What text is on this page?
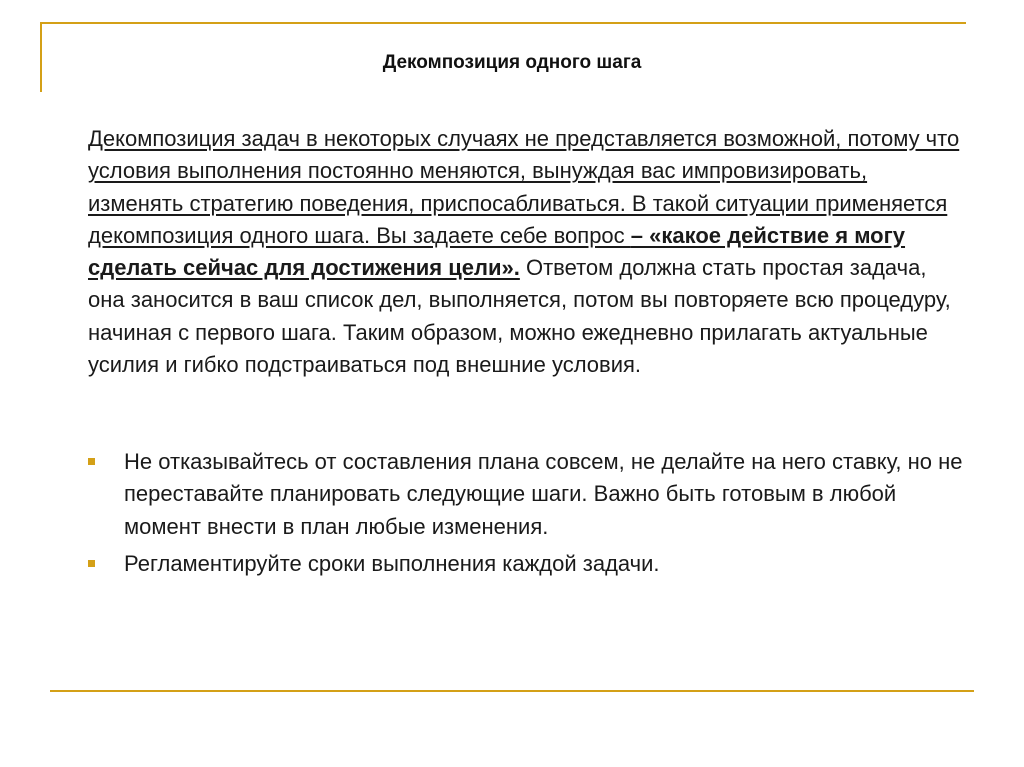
Декомпозиция одного шага

Декомпозиция задач в некоторых случаях не представляется возможной, потому что условия выполнения постоянно меняются, вынуждая вас импровизировать, изменять стратегию поведения, приспосабливаться. В такой ситуации применяется декомпозиция одного шага. Вы задаете себе вопрос – «какое действие я могу сделать сейчас для достижения цели». Ответом должна стать простая задача, она заносится в ваш список дел, выполняется, потом вы повторяете всю процедуру, начиная с первого шага. Таким образом, можно ежедневно прилагать актуальные усилия и гибко подстраиваться под внешние условия.

Не отказывайтесь от составления плана совсем, не делайте на него ставку, но не переставайте планировать следующие шаги. Важно быть готовым в любой момент внести в план любые изменения.
Регламентируйте сроки выполнения каждой задачи.
